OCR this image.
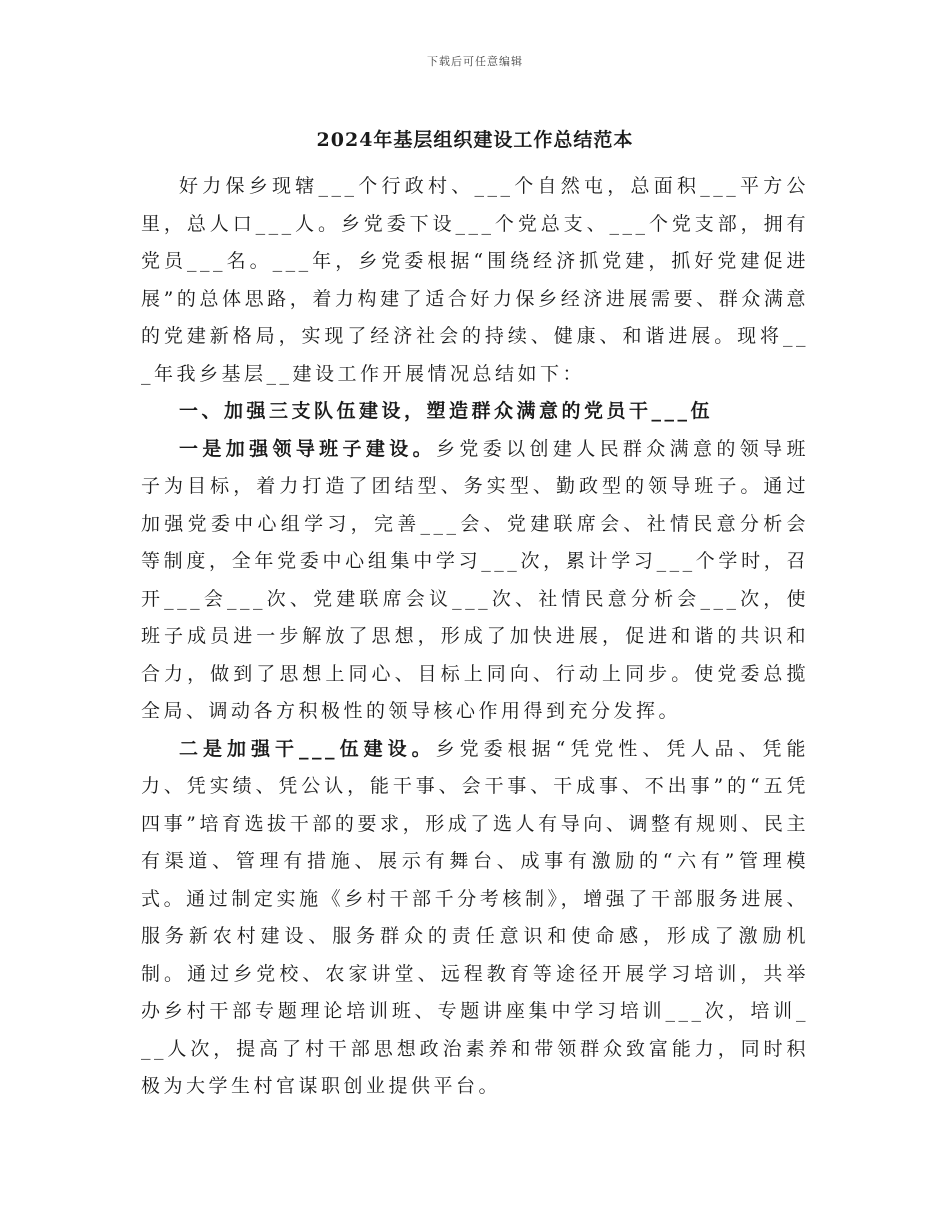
下载后可任意编辑
2024年基层组织建设工作总结范本

好力保乡现辖___个行政村、___个自然屯，总面积___平方公里，总人口___人。乡党委下设___个党总支、___个党支部，拥有党员___名。___年，乡党委根据“围绕经济抓党建，抓好党建促进展”的总体思路，着力构建了适合好力保乡经济进展需要、群众满意的党建新格局，实现了经济社会的持续、健康、和谐进展。现将___年我乡基层__建设工作开展情况总结如下：

一、加强三支队伍建设，塑造群众满意的党员干___伍

一是加强领导班子建设。乡党委以创建人民群众满意的领导班子为目标，着力打造了团结型、务实型、勤政型的领导班子。通过加强党委中心组学习，完善___会、党建联席会、社情民意分析会等制度，全年党委中心组集中学习___次，累计学习___个学时，召开___会___次、党建联席会议___次、社情民意分析会___次，使班子成员进一步解放了思想，形成了加快进展，促进和谐的共识和合力，做到了思想上同心、目标上同向、行动上同步。使党委总揽全局、调动各方积极性的领导核心作用得到充分发挥。

二是加强干___伍建设。乡党委根据“凭党性、凭人品、凭能力、凭实绩、凭公认，能干事、会干事、干成事、不出事”的“五凭四事”培育选拔干部的要求，形成了选人有导向、调整有规则、民主有渠道、管理有措施、展示有舞台、成事有激励的“六有”管理模式。通过制定实施《乡村干部千分考核制》，增强了干部服务进展、服务新农村建设、服务群众的责任意识和使命感，形成了激励机制。通过乡党校、农家讲堂、远程教育等途径开展学习培训，共举办乡村干部专题理论培训班、专题讲座集中学习培训___次，培训___人次，提高了村干部思想政治素养和带领群众致富能力，同时积极为大学生村官谋职创业提供平台。
